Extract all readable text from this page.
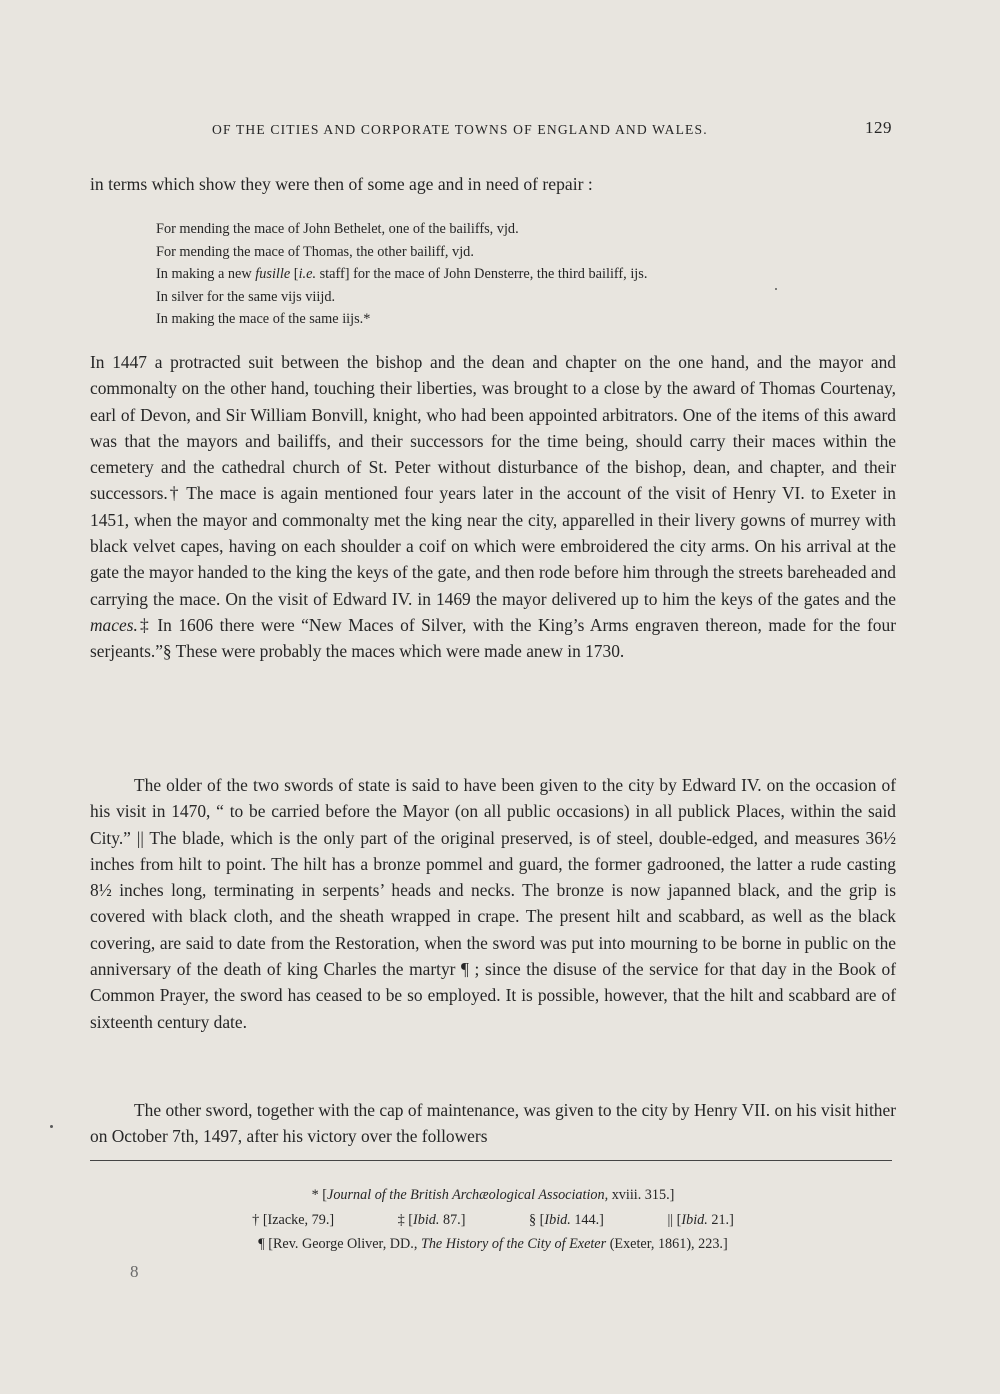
OF THE CITIES AND CORPORATE TOWNS OF ENGLAND AND WALES.	129
in terms which show they were then of some age and in need of repair :
For mending the mace of John Bethelet, one of the bailiffs, vjd.
For mending the mace of Thomas, the other bailiff, vjd.
In making a new fusille [i.e. staff] for the mace of John Densterre, the third bailiff, ijs.
In silver for the same vijs viijd.
In making the mace of the same iijs.*
In 1447 a protracted suit between the bishop and the dean and chapter on the one hand, and the mayor and commonalty on the other hand, touching their liberties, was brought to a close by the award of Thomas Courtenay, earl of Devon, and Sir William Bonvill, knight, who had been appointed arbitrators. One of the items of this award was that the mayors and bailiffs, and their successors for the time being, should carry their maces within the cemetery and the cathedral church of St. Peter without disturbance of the bishop, dean, and chapter, and their successors.† The mace is again mentioned four years later in the account of the visit of Henry VI. to Exeter in 1451, when the mayor and commonalty met the king near the city, apparelled in their livery gowns of murrey with black velvet capes, having on each shoulder a coif on which were embroidered the city arms. On his arrival at the gate the mayor handed to the king the keys of the gate, and then rode before him through the streets bareheaded and carrying the mace. On the visit of Edward IV. in 1469 the mayor delivered up to him the keys of the gates and the maces.‡ In 1606 there were “New Maces of Silver, with the King’s Arms engraven thereon, made for the four serjeants.”§ These were probably the maces which were made anew in 1730.
The older of the two swords of state is said to have been given to the city by Edward IV. on the occasion of his visit in 1470, “ to be carried before the Mayor (on all public occasions) in all publick Places, within the said City.” || The blade, which is the only part of the original preserved, is of steel, double-edged, and measures 36½ inches from hilt to point. The hilt has a bronze pommel and guard, the former gadrooned, the latter a rude casting 8½ inches long, terminating in serpents’ heads and necks. The bronze is now japanned black, and the grip is covered with black cloth, and the sheath wrapped in crape. The present hilt and scabbard, as well as the black covering, are said to date from the Restoration, when the sword was put into mourning to be borne in public on the anniversary of the death of king Charles the martyr ¶ ; since the disuse of the service for that day in the Book of Common Prayer, the sword has ceased to be so employed. It is possible, however, that the hilt and scabbard are of sixteenth century date.
The other sword, together with the cap of maintenance, was given to the city by Henry VII. on his visit hither on October 7th, 1497, after his victory over the followers
* [Journal of the British Archæological Association, xviii. 315.]
† [Izacke, 79.]	‡ [Ibid. 87.]	§ [Ibid. 144.]	|| [Ibid. 21.]
¶ [Rev. George Oliver, DD., The History of the City of Exeter (Exeter, 1861), 223.]
8
